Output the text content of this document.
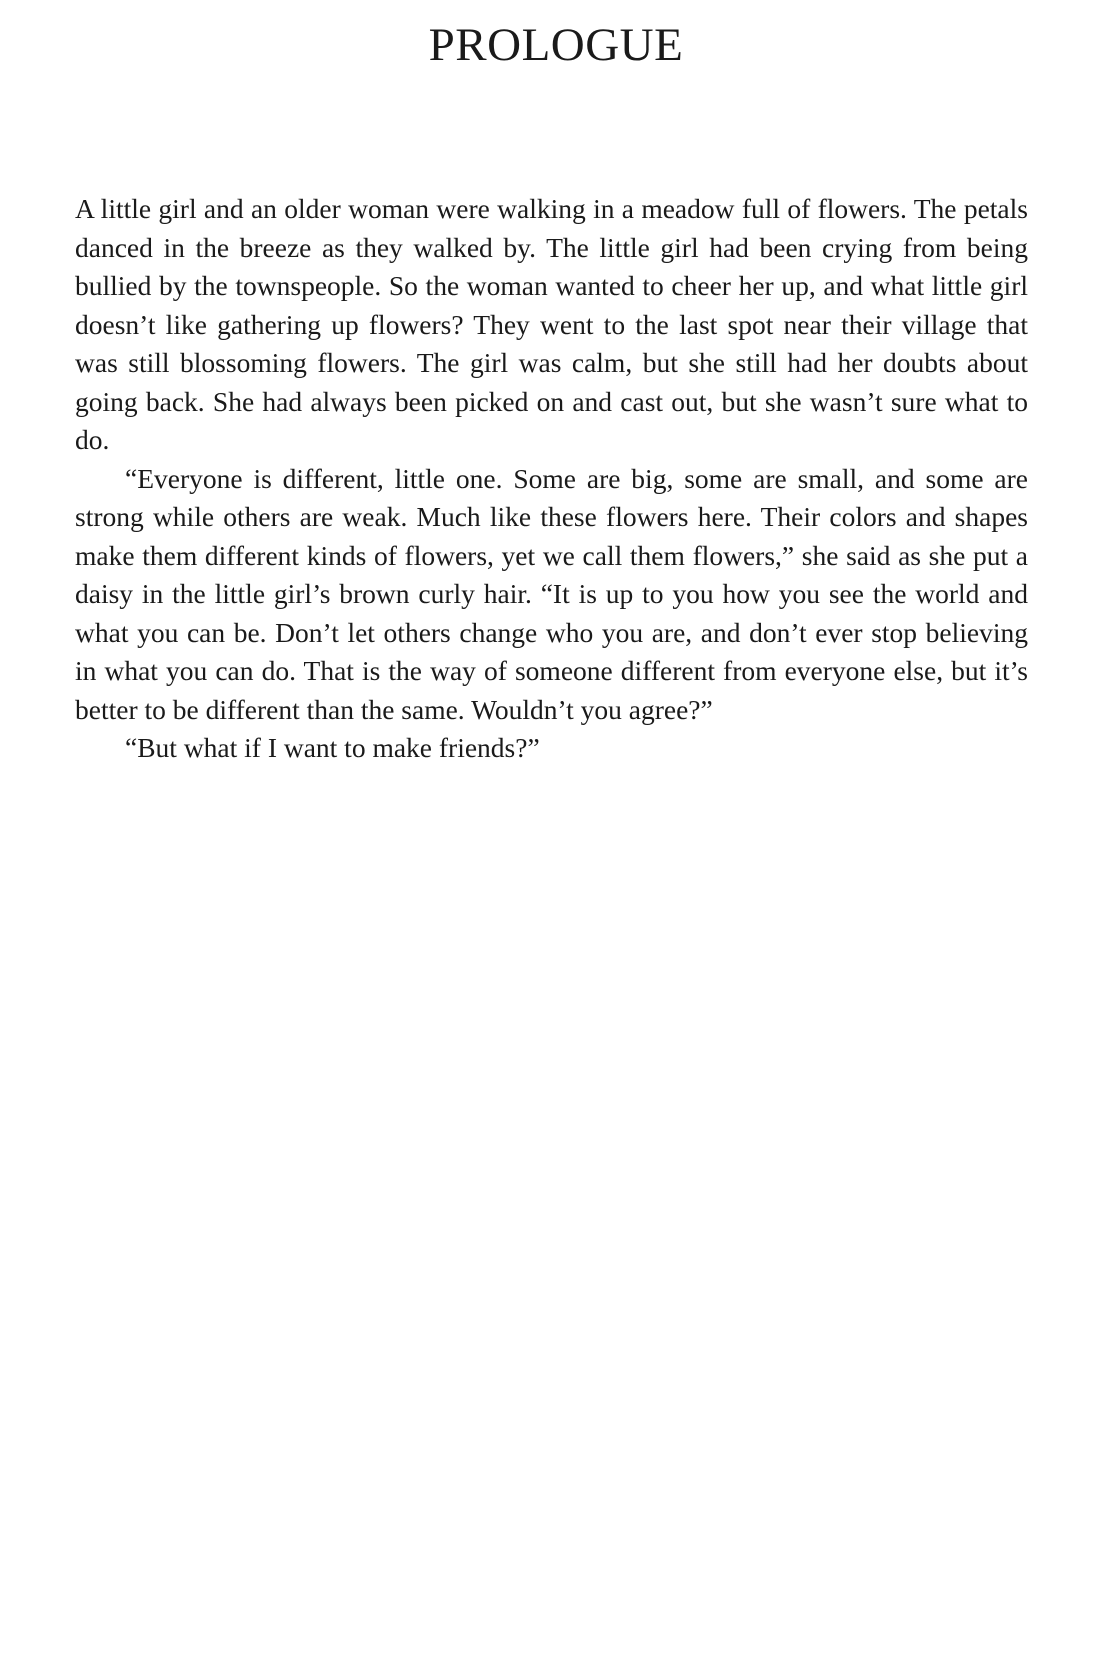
PROLOGUE

A little girl and an older woman were walking in a meadow full of flowers. The petals danced in the breeze as they walked by. The little girl had been crying from being bullied by the townspeople. So the woman wanted to cheer her up, and what little girl doesn’t like gathering up flowers? They went to the last spot near their village that was still blossoming flowers. The girl was calm, but she still had her doubts about going back. She had always been picked on and cast out, but she wasn’t sure what to do.

“Everyone is different, little one. Some are big, some are small, and some are strong while others are weak. Much like these flowers here. Their colors and shapes make them different kinds of flowers, yet we call them flowers,” she said as she put a daisy in the little girl’s brown curly hair. “It is up to you how you see the world and what you can be. Don’t let others change who you are, and don’t ever stop believing in what you can do. That is the way of someone different from everyone else, but it’s better to be different than the same. Wouldn’t you agree?”

“But what if I want to make friends?”
